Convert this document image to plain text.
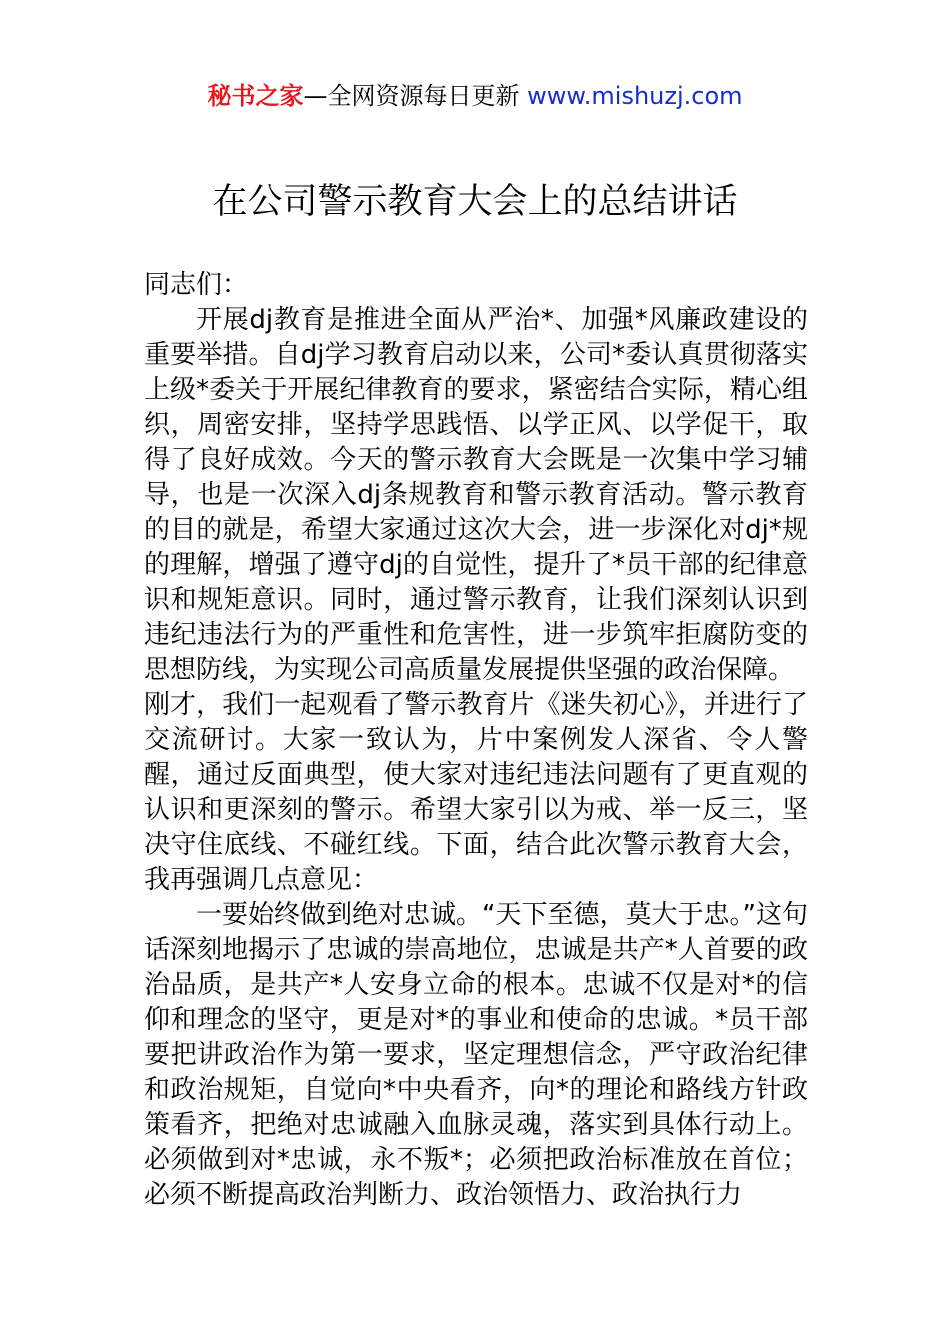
秘书之家—全网资源每日更新 www.mishuzj.com
在公司警示教育大会上的总结讲话

同志们：

开展dj教育是推进全面从严治*、加强*风廉政建设的重要举措。自dj学习教育启动以来，公司*委认真贯彻落实上级*委关于开展纪律教育的要求，紧密结合实际，精心组织，周密安排，坚持学思践悟、以学正风、以学促干，取得了良好成效。今天的警示教育大会既是一次集中学习辅导，也是一次深入dj条规教育和警示教育活动。警示教育的目的就是，希望大家通过这次大会，进一步深化对dj*规的理解，增强了遵守dj的自觉性，提升了*员干部的纪律意识和规矩意识。同时，通过警示教育，让我们深刻认识到违纪违法行为的严重性和危害性，进一步筑牢拒腐防变的思想防线，为实现公司高质量发展提供坚强的政治保障。

刚才，我们一起观看了警示教育片《迷失初心》，并进行了交流研讨。大家一致认为，片中案例发人深省、令人警醒，通过反面典型，使大家对违纪违法问题有了更直观的认识和更深刻的警示。希望大家引以为戒、举一反三，坚决守住底线、不碰红线。下面，结合此次警示教育大会，我再强调几点意见：

一要始终做到绝对忠诚。“天下至德，莫大于忠。”这句话深刻地揭示了忠诚的崇高地位，忠诚是共产*人首要的政治品质，是共产*人安身立命的根本。忠诚不仅是对*的信仰和理念的坚守，更是对*的事业和使命的忠诚。*员干部要把讲政治作为第一要求，坚定理想信念，严守政治纪律和政治规矩，自觉向*中央看齐，向*的理论和路线方针政策看齐，把绝对忠诚融入血脉灵魂，落实到具体行动上。必须做到对*忠诚，永不叛*；必须把政治标准放在首位；必须不断提高政治判断力、政治领悟力、政治执行力
